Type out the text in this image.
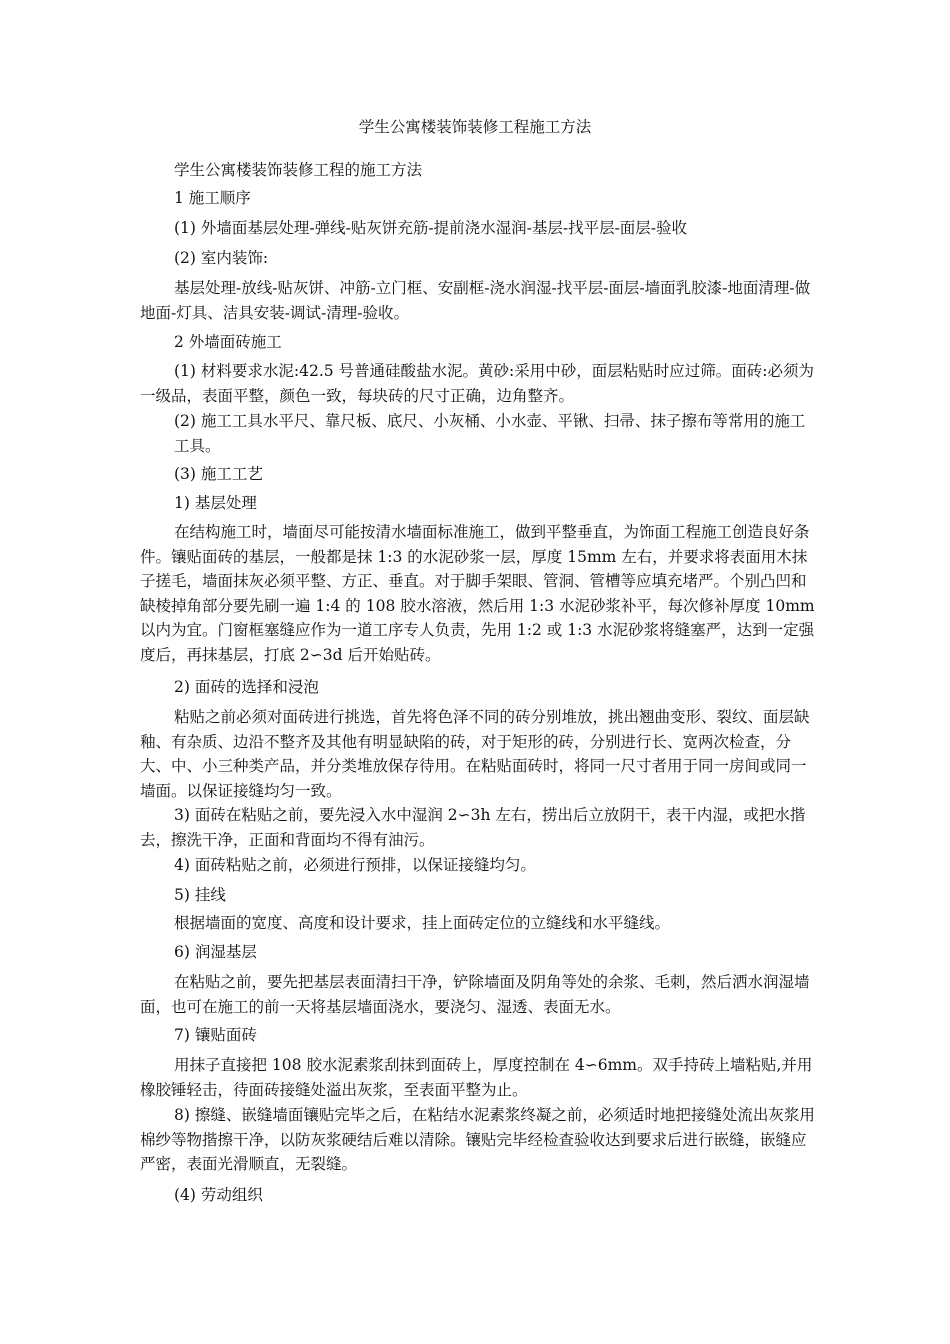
学生公寓楼装饰装修工程施工方法

学生公寓楼装饰装修工程的施工方法

1 施工顺序

(1) 外墙面基层处理-弹线-贴灰饼充筋-提前浇水湿润-基层-找平层-面层-验收

(2) 室内装饰:

基层处理-放线-贴灰饼、冲筋-立门框、安副框-浇水润湿-找平层-面层-墙面乳胶漆-地面清理-做地面-灯具、洁具安装-调试-清理-验收。

2 外墙面砖施工

(1) 材料要求水泥:42.5 号普通硅酸盐水泥。黄砂:采用中砂，面层粘贴时应过筛。面砖:必须为一级品，表面平整，颜色一致，每块砖的尺寸正确，边角整齐。

(2) 施工工具水平尺、靠尺板、底尺、小灰桶、小水壶、平锹、扫帚、抹子擦布等常用的施工工具。

(3) 施工工艺

1) 基层处理

在结构施工时，墙面尽可能按清水墙面标准施工，做到平整垂直，为饰面工程施工创造良好条件。镶贴面砖的基层，一般都是抹 1:3 的水泥砂浆一层，厚度 15mm 左右，并要求将表面用木抹子搓毛，墙面抹灰必须平整、方正、垂直。对于脚手架眼、管洞、管槽等应填充堵严。个别凸凹和缺棱掉角部分要先刷一遍 1:4 的 108 胶水溶液，然后用 1:3 水泥砂浆补平，每次修补厚度 10mm 以内为宜。门窗框塞缝应作为一道工序专人负责，先用 1:2 或 1:3 水泥砂浆将缝塞严，达到一定强度后，再抹基层，打底 2∽3d 后开始贴砖。

2) 面砖的选择和浸泡

粘贴之前必须对面砖进行挑选，首先将色泽不同的砖分别堆放，挑出翘曲变形、裂纹、面层缺釉、有杂质、边沿不整齐及其他有明显缺陷的砖，对于矩形的砖，分别进行长、宽两次检查，分大、中、小三种类产品，并分类堆放保存待用。在粘贴面砖时，将同一尺寸者用于同一房间或同一墙面。以保证接缝均匀一致。

3) 面砖在粘贴之前，要先浸入水中湿润 2∽3h 左右，捞出后立放阴干，表干内湿，或把水揩去，擦洗干净，正面和背面均不得有油污。

4) 面砖粘贴之前，必须进行预排，以保证接缝均匀。

5) 挂线

根据墙面的宽度、高度和设计要求，挂上面砖定位的立缝线和水平缝线。

6) 润湿基层

在粘贴之前，要先把基层表面清扫干净，铲除墙面及阴角等处的余浆、毛刺，然后洒水润湿墙面，也可在施工的前一天将基层墙面浇水，要浇匀、湿透、表面无水。

7) 镶贴面砖

用抹子直接把 108 胶水泥素浆刮抹到面砖上，厚度控制在 4∽6mm。双手持砖上墙粘贴,并用橡胶锤轻击，待面砖接缝处溢出灰浆，至表面平整为止。

8) 擦缝、嵌缝墙面镶贴完毕之后，在粘结水泥素浆终凝之前，必须适时地把接缝处流出灰浆用棉纱等物揩擦干净，以防灰浆硬结后难以清除。镶贴完毕经检查验收达到要求后进行嵌缝，嵌缝应严密，表面光滑顺直，无裂缝。

(4) 劳动组织
